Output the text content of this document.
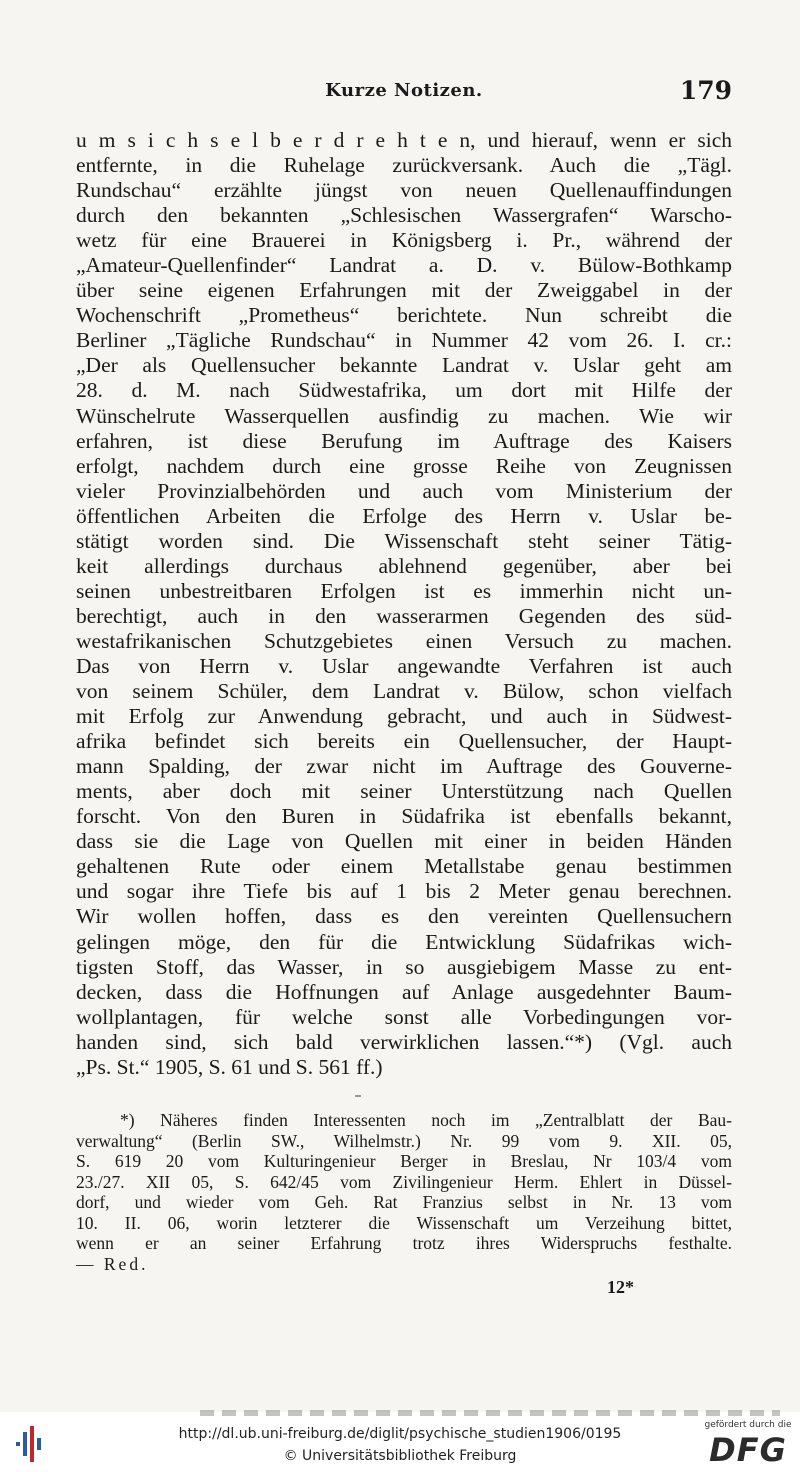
Kurze Notizen.	179
u m s i c h s e l b e r d r e h t e n, und hierauf, wenn er sich
entfernte, in die Ruhelage zurückversank. Auch die „Tägl.
Rundschau“ erzählte jüngst von neuen Quellenauffindungen
durch den bekannten „Schlesischen Wassergrafen“ Warscho-
wetz für eine Brauerei in Königsberg i. Pr., während der
„Amateur-Quellenfinder“ Landrat a. D. v. Bülow-Bothkamp
über seine eigenen Erfahrungen mit der Zweiggabel in der
Wochenschrift „Prometheus“ berichtete. Nun schreibt die
Berliner „Tägliche Rundschau“ in Nummer 42 vom 26. I. cr.:
„Der als Quellensucher bekannte Landrat v. Uslar geht am
28. d. M. nach Südwestafrika, um dort mit Hilfe der
Wünschelrute Wasserquellen ausfindig zu machen. Wie wir
erfahren, ist diese Berufung im Auftrage des Kaisers
erfolgt, nachdem durch eine grosse Reihe von Zeugnissen
vieler Provinzialbehörden und auch vom Ministerium der
öffentlichen Arbeiten die Erfolge des Herrn v. Uslar be-
stätigt worden sind. Die Wissenschaft steht seiner Tätig-
keit allerdings durchaus ablehnend gegenüber, aber bei
seinen unbestreitbaren Erfolgen ist es immerhin nicht un-
berechtigt, auch in den wasserarmen Gegenden des süd-
westafrikanischen Schutzgebietes einen Versuch zu machen.
Das von Herrn v. Uslar angewandte Verfahren ist auch
von seinem Schüler, dem Landrat v. Bülow, schon vielfach
mit Erfolg zur Anwendung gebracht, und auch in Südwest-
afrika befindet sich bereits ein Quellensucher, der Haupt-
mann Spalding, der zwar nicht im Auftrage des Gouverne-
ments, aber doch mit seiner Unterstützung nach Quellen
forscht. Von den Buren in Südafrika ist ebenfalls bekannt,
dass sie die Lage von Quellen mit einer in beiden Händen
gehaltenen Rute oder einem Metallstabe genau bestimmen
und sogar ihre Tiefe bis auf 1 bis 2 Meter genau berechnen.
Wir wollen hoffen, dass es den vereinten Quellensuchern
gelingen möge, den für die Entwicklung Südafrikas wich-
tigsten Stoff, das Wasser, in so ausgiebigem Masse zu ent-
decken, dass die Hoffnungen auf Anlage ausgedehnter Baum-
wollplantagen, für welche sonst alle Vorbedingungen vor-
handen sind, sich bald verwirklichen lassen.“*) (Vgl. auch
„Ps. St.“ 1905, S. 61 und S. 561 ff.)
*) Näheres finden Interessenten noch im „Zentralblatt der Bau-
verwaltung“ (Berlin SW., Wilhelmstr.) Nr. 99 vom 9. XII. 05,
S. 619 20 vom Kulturingenieur Berger in Breslau, Nr 103/4 vom
23./27. XII 05, S. 642/45 vom Zivilingenieur Herm. Ehlert in Düssel-
dorf, und wieder vom Geh. Rat Franzius selbst in Nr. 13 vom
10. II. 06, worin letzterer die Wissenschaft um Verzeihung bittet,
wenn er an seiner Erfahrung trotz ihres Widerspruchs festhalte.
— Red.
12*
http://dl.ub.uni-freiburg.de/diglit/psychische_studien1906/0195
© Universitätsbibliothek Freiburg
gefördert durch die
DFG
